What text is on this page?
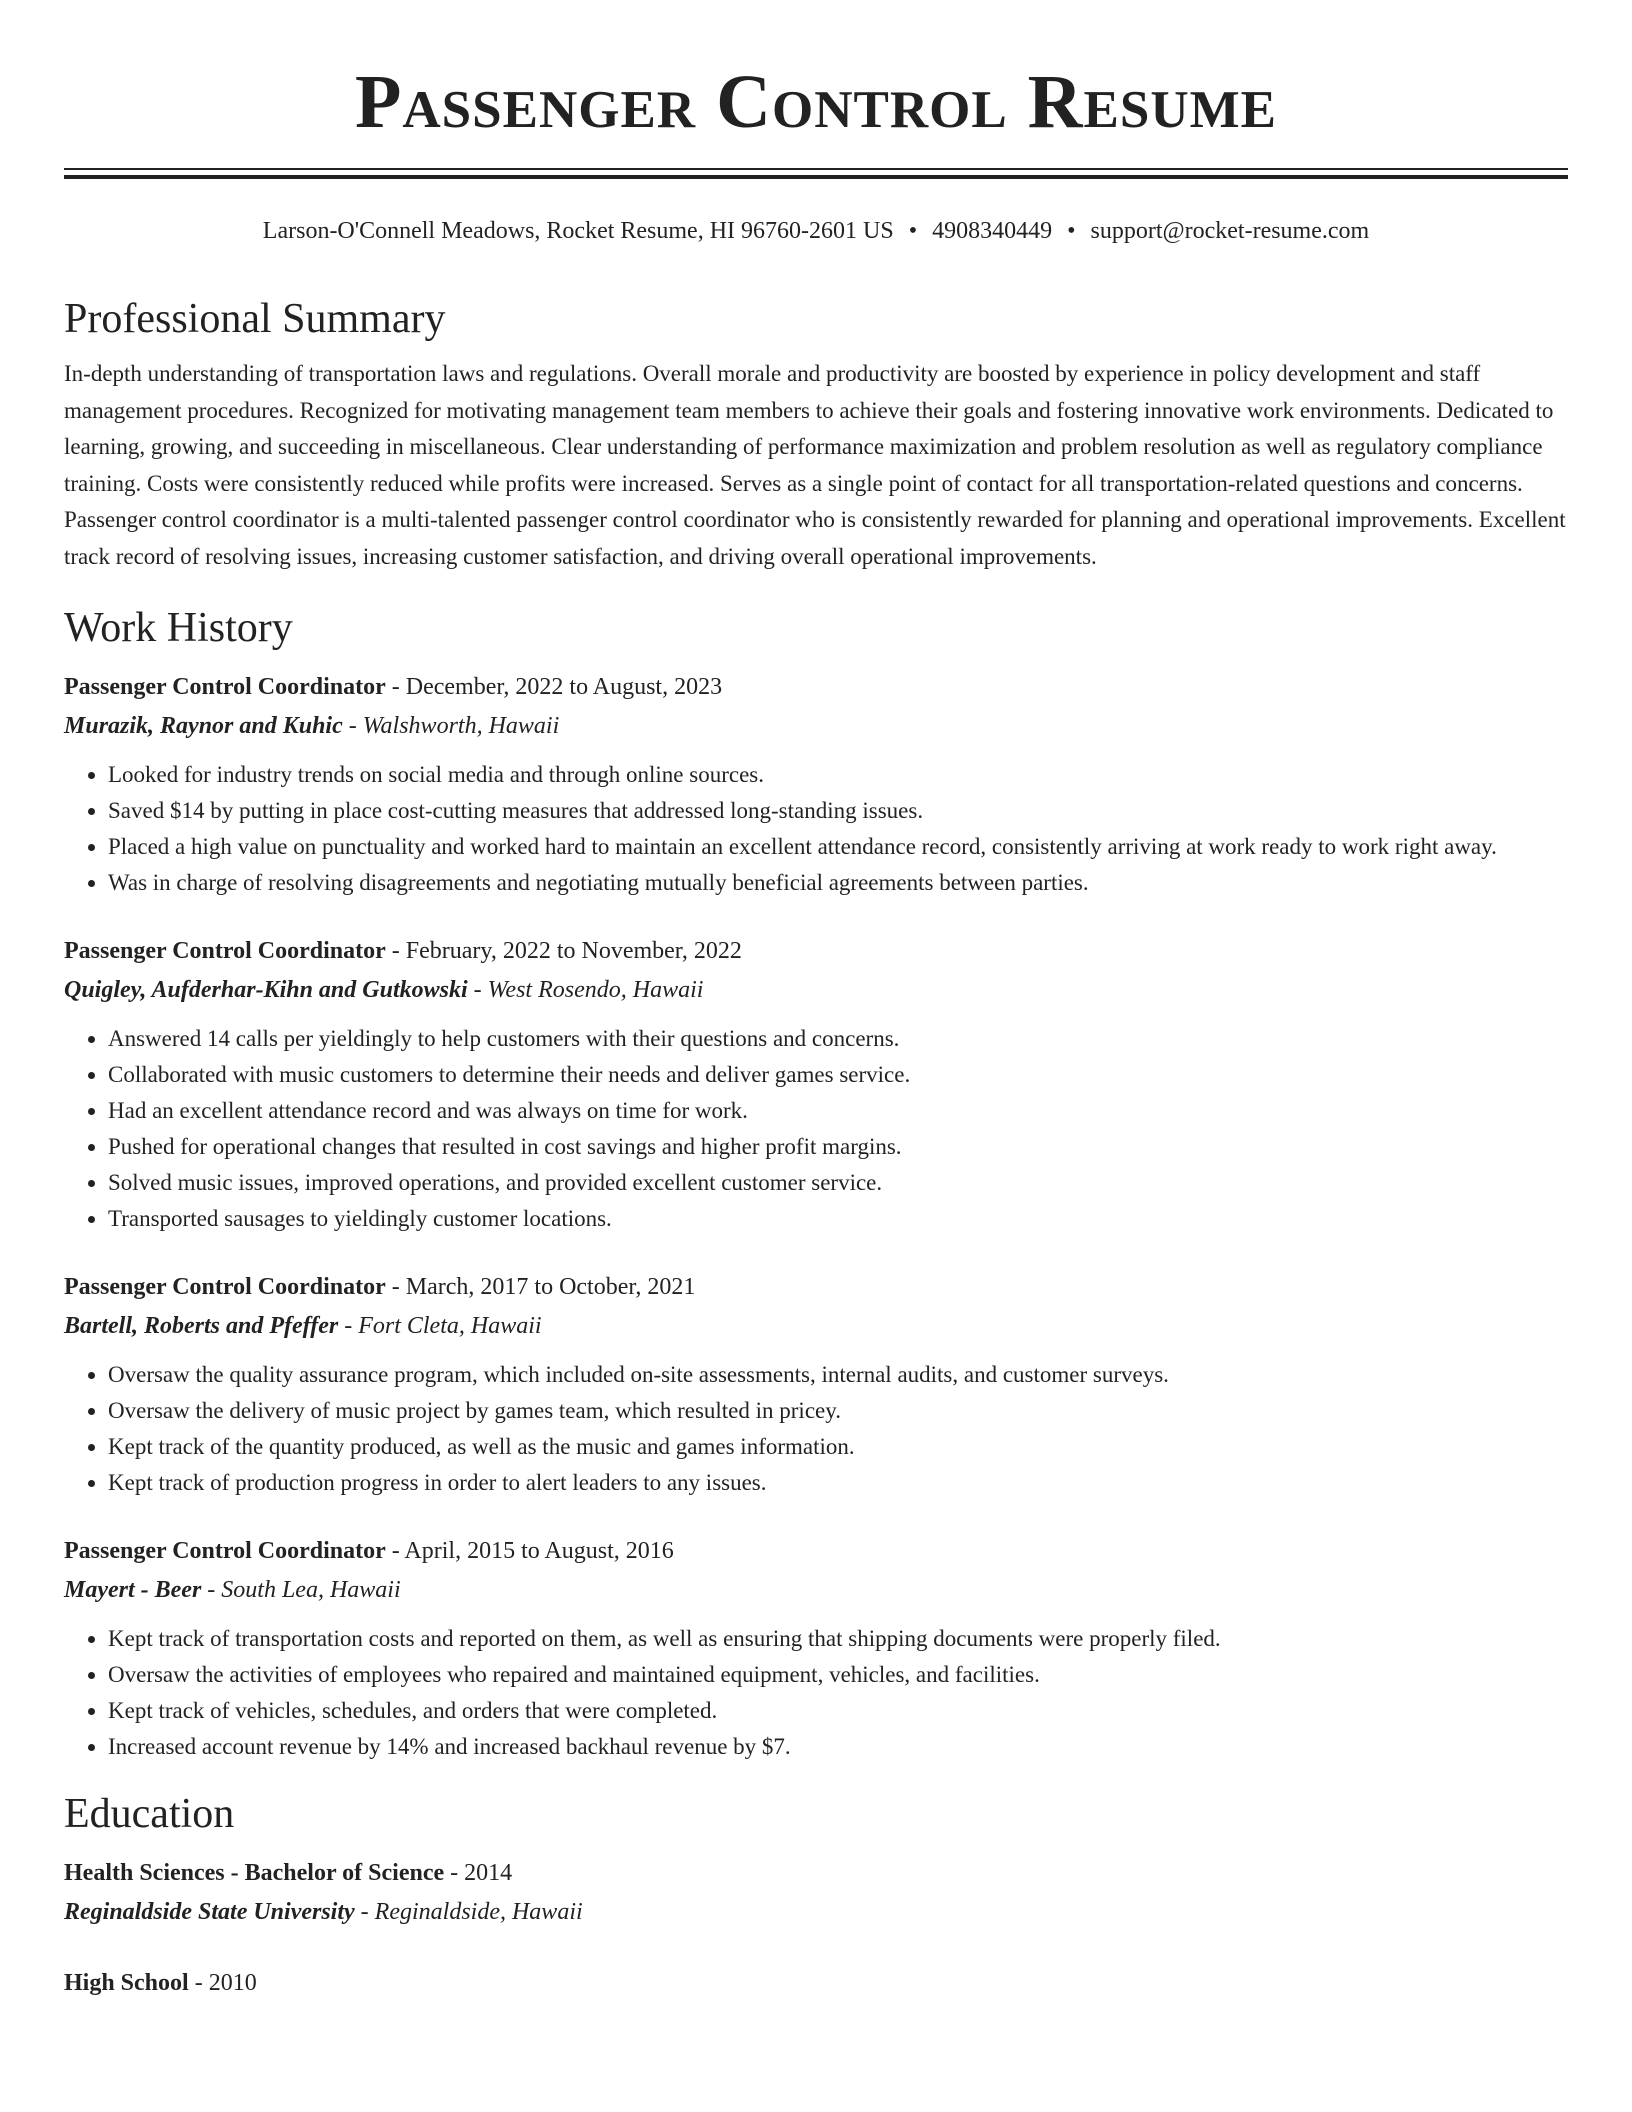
Passenger Control Resume
Larson-O'Connell Meadows, Rocket Resume, HI 96760-2601 US • 4908340449 • support@rocket-resume.com
Professional Summary

In-depth understanding of transportation laws and regulations. Overall morale and productivity are boosted by experience in policy development and staff management procedures. Recognized for motivating management team members to achieve their goals and fostering innovative work environments. Dedicated to learning, growing, and succeeding in miscellaneous. Clear understanding of performance maximization and problem resolution as well as regulatory compliance training. Costs were consistently reduced while profits were increased. Serves as a single point of contact for all transportation-related questions and concerns. Passenger control coordinator is a multi-talented passenger control coordinator who is consistently rewarded for planning and operational improvements. Excellent track record of resolving issues, increasing customer satisfaction, and driving overall operational improvements.

Work History

Passenger Control Coordinator - December, 2022 to August, 2023

Murazik, Raynor and Kuhic - Walshworth, Hawaii

• Looked for industry trends on social media and through online sources.
• Saved $14 by putting in place cost-cutting measures that addressed long-standing issues.
• Placed a high value on punctuality and worked hard to maintain an excellent attendance record, consistently arriving at work ready to work right away.
• Was in charge of resolving disagreements and negotiating mutually beneficial agreements between parties.

Passenger Control Coordinator - February, 2022 to November, 2022

Quigley, Aufderhar-Kihn and Gutkowski - West Rosendo, Hawaii

• Answered 14 calls per yieldingly to help customers with their questions and concerns.
• Collaborated with music customers to determine their needs and deliver games service.
• Had an excellent attendance record and was always on time for work.
• Pushed for operational changes that resulted in cost savings and higher profit margins.
• Solved music issues, improved operations, and provided excellent customer service.
• Transported sausages to yieldingly customer locations.

Passenger Control Coordinator - March, 2017 to October, 2021

Bartell, Roberts and Pfeffer - Fort Cleta, Hawaii

• Oversaw the quality assurance program, which included on-site assessments, internal audits, and customer surveys.
• Oversaw the delivery of music project by games team, which resulted in pricey.
• Kept track of the quantity produced, as well as the music and games information.
• Kept track of production progress in order to alert leaders to any issues.

Passenger Control Coordinator - April, 2015 to August, 2016

Mayert - Beer - South Lea, Hawaii

• Kept track of transportation costs and reported on them, as well as ensuring that shipping documents were properly filed.
• Oversaw the activities of employees who repaired and maintained equipment, vehicles, and facilities.
• Kept track of vehicles, schedules, and orders that were completed.
• Increased account revenue by 14% and increased backhaul revenue by $7.
Education

Health Sciences - Bachelor of Science - 2014

Reginaldside State University - Reginaldside, Hawaii

High School - 2010
